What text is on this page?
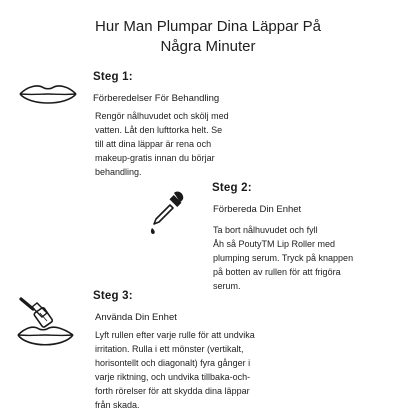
Hur Man Plumpar Dina Läppar På
Några Minuter
Steg 1:
Förberedelser För Behandling
Rengör nålhuvudet och skölj med
vatten. Låt den lufttorka helt. Se
till att dina läppar är rena och
makeup-gratis innan du börjar
behandling.
Steg 2:
Förbereda Din Enhet
Ta bort nålhuvudet och fyll
Åh så PoutyTM Lip Roller med
plumping serum. Tryck på knappen
på botten av rullen för att frigöra
serum.
Steg 3:
Använda Din Enhet
Lyft rullen efter varje rulle för att undvika
irritation. Rulla i ett mönster (vertikalt,
horisontellt och diagonalt) fyra gånger i
varje riktning, och undvika tillbaka-och-
forth rörelser för att skydda dina läppar
från skada.
